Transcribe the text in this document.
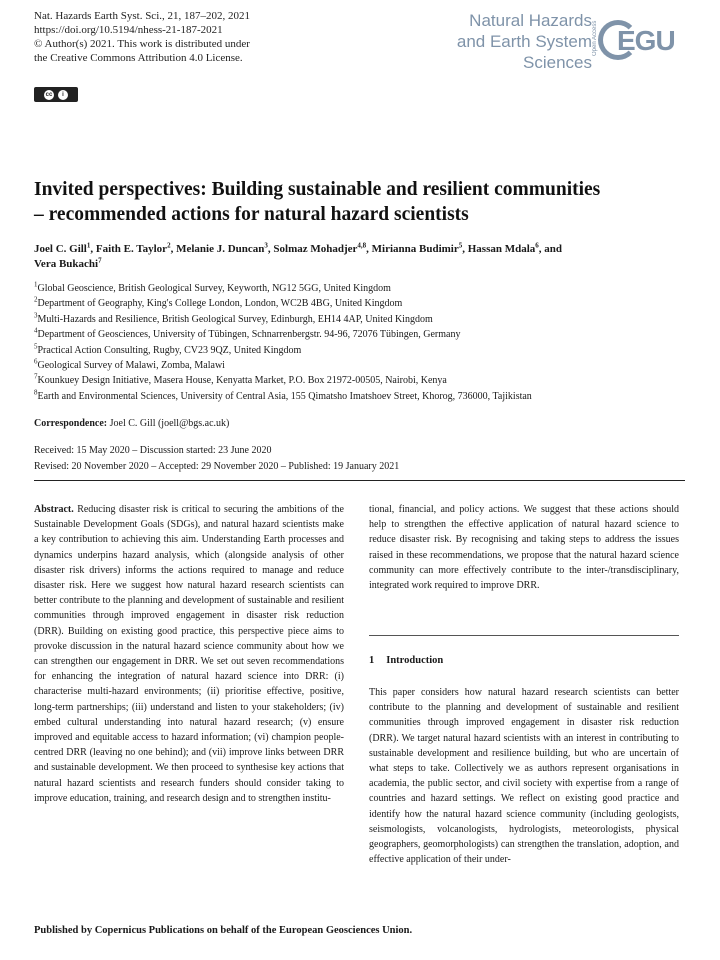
Nat. Hazards Earth Syst. Sci., 21, 187–202, 2021
https://doi.org/10.5194/nhess-21-187-2021
© Author(s) 2021. This work is distributed under
the Creative Commons Attribution 4.0 License.
cc	i
Natural Hazards
and Earth System
Sciences
Open Access EGU
Invited perspectives: Building sustainable and resilient communities
– recommended actions for natural hazard scientists
Joel C. Gill$^1$, Faith E. Taylor$^2$, Melanie J. Duncan$^3$, Solmaz Mohadjer$^{4,8}$, Mirianna Budimir$^5$, Hassan Mdala$^6$, and
Vera Bukachi$^7$
$^1$Global Geoscience, British Geological Survey, Keyworth, NG12 5GG, United Kingdom
$^2$Department of Geography, King's College London, London, WC2B 4BG, United Kingdom
$^3$Multi-Hazards and Resilience, British Geological Survey, Edinburgh, EH14 4AP, United Kingdom
$^4$Department of Geosciences, University of Tübingen, Schnarrenbergstr. 94-96, 72076 Tübingen, Germany
$^5$Practical Action Consulting, Rugby, CV23 9QZ, United Kingdom
$^6$Geological Survey of Malawi, Zomba, Malawi
$^7$Kounkuey Design Initiative, Masera House, Kenyatta Market, P.O. Box 21972-00505, Nairobi, Kenya
$^8$Earth and Environmental Sciences, University of Central Asia, 155 Qimatsho Imatshoev Street, Khorog, 736000, Tajikistan
Correspondence: Joel C. Gill (joell@bgs.ac.uk)
Received: 15 May 2020 – Discussion started: 23 June 2020
Revised: 20 November 2020 – Accepted: 29 November 2020 – Published: 19 January 2021

Abstract. Reducing disaster risk is critical to securing the ambitions of the Sustainable Development Goals (SDGs), and natural hazard scientists make a key contribution to achieving this aim. Understanding Earth processes and dynamics underpins hazard analysis, which (alongside analysis of other disaster risk drivers) informs the actions required to manage and reduce disaster risk. Here we suggest how natural hazard research scientists can better contribute to the planning and development of sustainable and resilient communities through improved engagement in disaster risk reduction (DRR). Building on existing good practice, this perspective piece aims to provoke discussion in the natural hazard science community about how we can strengthen our engagement in DRR. We set out seven recommendations for enhancing the integration of natural hazard science into DRR: (i) characterise multi-hazard environments; (ii) prioritise effective, positive, long-term partnerships; (iii) understand and listen to your stakeholders; (iv) embed cultural understanding into natural hazard research; (v) ensure improved and equitable access to hazard information; (vi) champion people-centred DRR (leaving no one behind); and (vii) improve links between DRR and sustainable development. We then proceed to synthesise key actions that natural hazard scientists and research funders should consider taking to improve education, training, and research design and to strengthen institu-

tional, financial, and policy actions. We suggest that these actions should help to strengthen the effective application of natural hazard science to reduce disaster risk. By recognising and taking steps to address the issues raised in these recommendations, we propose that the natural hazard science community can more effectively contribute to the inter-/transdisciplinary, integrated work required to improve DRR.

1 Introduction

This paper considers how natural hazard research scientists can better contribute to the planning and development of sustainable and resilient communities through improved engagement in disaster risk reduction (DRR). We target natural hazard scientists with an interest in contributing to sustainable development and resilience building, but who are uncertain of what steps to take. Collectively we as authors represent organisations in academia, the public sector, and civil society with expertise from a range of countries and hazard settings. We reflect on existing good practice and identify how the natural hazard science community (including geologists, seismologists, volcanologists, hydrologists, meteorologists, physical geographers, geomorphologists) can strengthen the translation, adoption, and effective application of their under-

Published by Copernicus Publications on behalf of the European Geosciences Union.
